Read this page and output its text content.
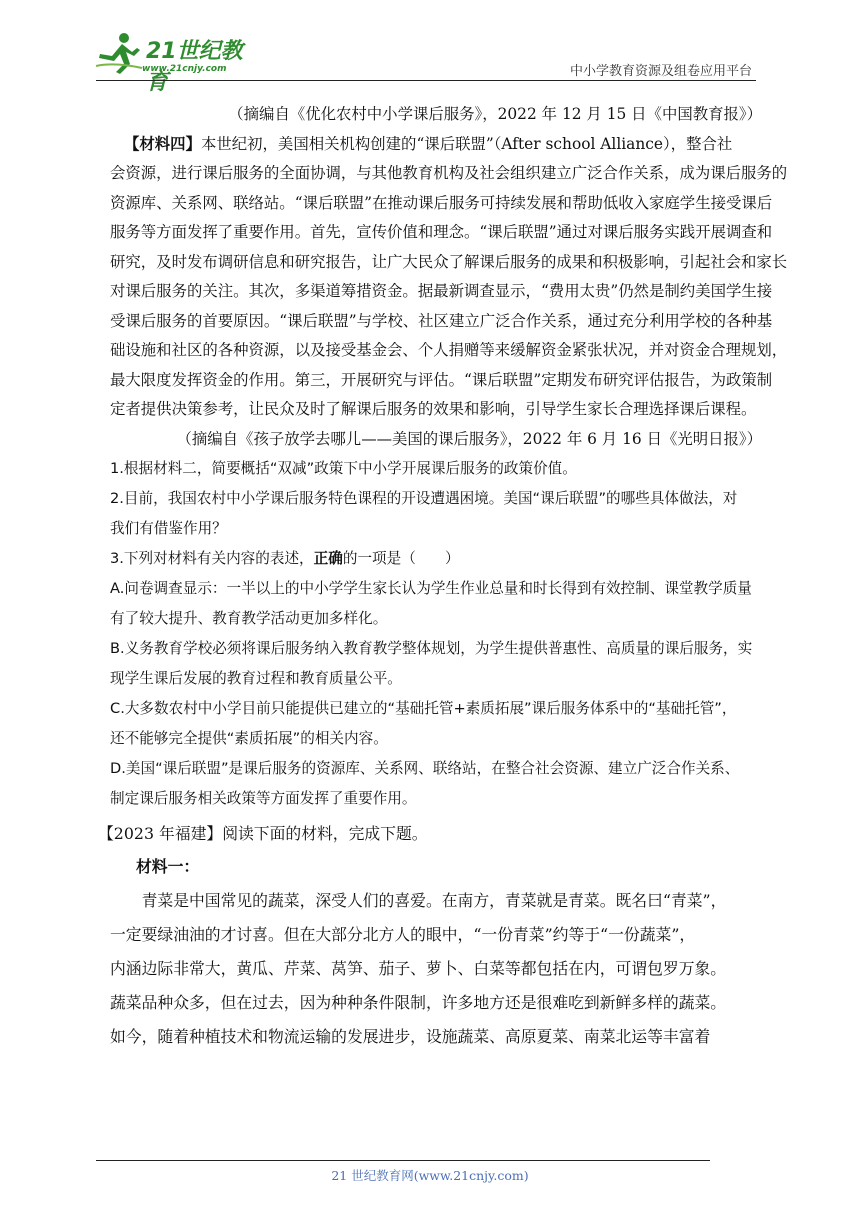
21世纪教育
www.21cnjy.com	中小学教育资源及组卷应用平台
（摘编自《优化农村中小学课后服务》，2022 年 12 月 15 日《中国教育报》）
【材料四】本世纪初，美国相关机构创建的“课后联盟”（After school Alliance），整合社
会资源，进行课后服务的全面协调，与其他教育机构及社会组织建立广泛合作关系，成为课后服务的
资源库、关系网、联络站。“课后联盟”在推动课后服务可持续发展和帮助低收入家庭学生接受课后
服务等方面发挥了重要作用。首先，宣传价值和理念。“课后联盟”通过对课后服务实践开展调查和
研究，及时发布调研信息和研究报告，让广大民众了解课后服务的成果和积极影响，引起社会和家长
对课后服务的关注。其次，多渠道筹措资金。据最新调查显示，“费用太贵”仍然是制约美国学生接
受课后服务的首要原因。“课后联盟”与学校、社区建立广泛合作关系，通过充分利用学校的各种基
础设施和社区的各种资源，以及接受基金会、个人捐赠等来缓解资金紧张状况，并对资金合理规划，
最大限度发挥资金的作用。第三，开展研究与评估。“课后联盟”定期发布研究评估报告，为政策制
定者提供决策参考，让民众及时了解课后服务的效果和影响，引导学生家长合理选择课后课程。
（摘编自《孩子放学去哪儿——美国的课后服务》，2022 年 6 月 16 日《光明日报》）
1.根据材料二，简要概括“双减”政策下中小学开展课后服务的政策价值。
2.目前，我国农村中小学课后服务特色课程的开设遭遇困境。美国“课后联盟”的哪些具体做法，对
我们有借鉴作用？
3.下列对材料有关内容的表述，正确的一项是（　　）
A.问卷调查显示：一半以上的中小学学生家长认为学生作业总量和时长得到有效控制、课堂教学质量
有了较大提升、教育教学活动更加多样化。
B.义务教育学校必须将课后服务纳入教育教学整体规划，为学生提供普惠性、高质量的课后服务，实
现学生课后发展的教育过程和教育质量公平。
C.大多数农村中小学目前只能提供已建立的“基础托管+素质拓展”课后服务体系中的“基础托管”，
还不能够完全提供“素质拓展”的相关内容。
D.美国“课后联盟”是课后服务的资源库、关系网、联络站，在整合社会资源、建立广泛合作关系、
制定课后服务相关政策等方面发挥了重要作用。
【2023 年福建】阅读下面的材料，完成下题。
材料一：
　　青菜是中国常见的蔬菜，深受人们的喜爱。在南方，青菜就是青菜。既名曰“青菜”，
一定要绿油油的才讨喜。但在大部分北方人的眼中，“一份青菜”约等于“一份蔬菜”，
内涵边际非常大，黄瓜、芹菜、莴笋、茄子、萝卜、白菜等都包括在内，可谓包罗万象。
蔬菜品种众多，但在过去，因为种种条件限制，许多地方还是很难吃到新鲜多样的蔬菜。
如今，随着种植技术和物流运输的发展进步，设施蔬菜、高原夏菜、南菜北运等丰富着
21 世纪教育网(www.21cnjy.com)
